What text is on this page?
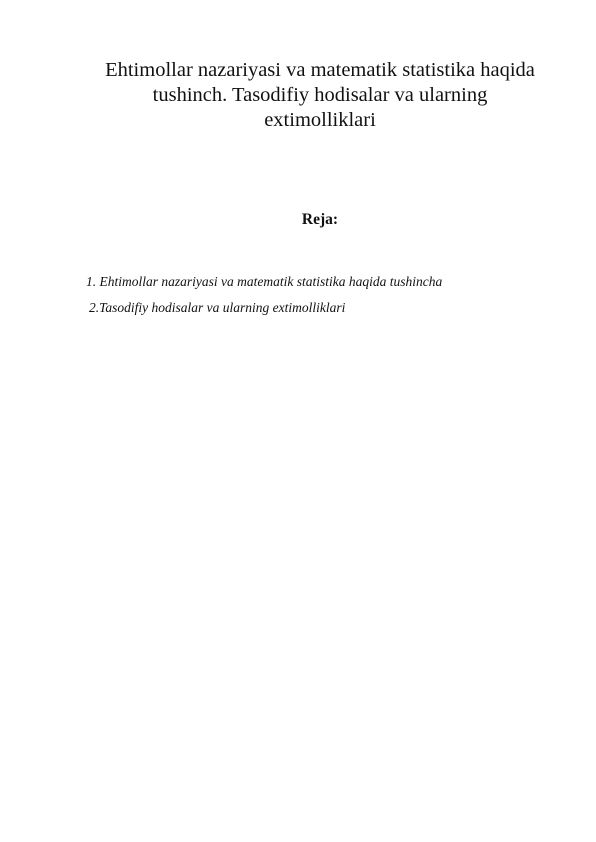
Ehtimollar nazariyasi va matematik statistika haqida
tushinch. Tasodifiy hodisalar va ularning
extimolliklari
Reja:
1. Ehtimollar nazariyasi va matematik statistika haqida tushincha
2.Tasodifiy hodisalar va ularning extimolliklari
